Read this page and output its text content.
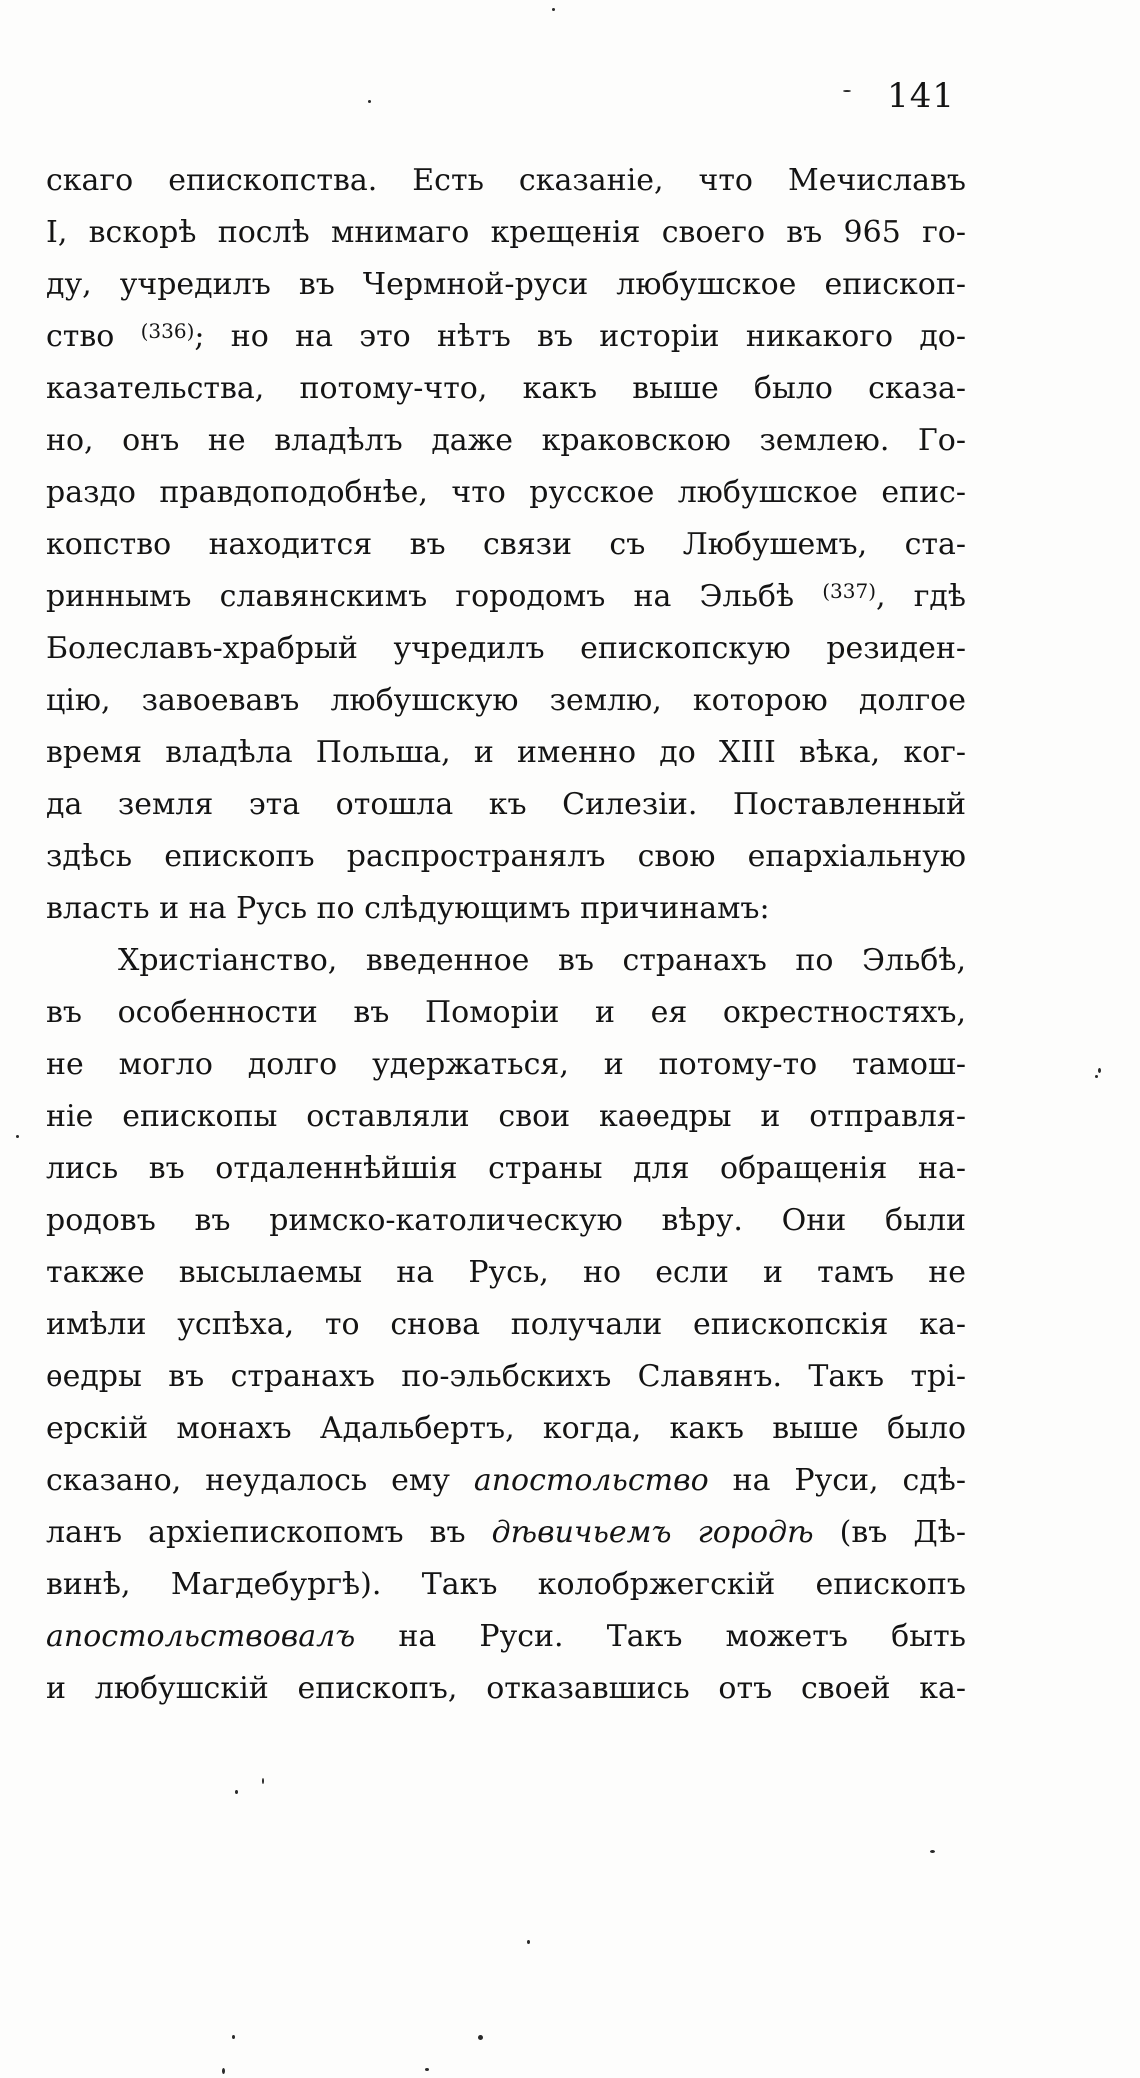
141
скаго епископства. Есть сказаніе, что Мечиславъ
I, вскорѣ послѣ мнимаго крещенія своего въ 965 го-
ду, учредилъ въ Чермной-руси любушское епископ-
ство $^{(336)}$; но на это нѣтъ въ исторіи никакого до-
казательства, потому-что, какъ выше было сказа-
но, онъ не владѣлъ даже краковскою землею. Го-
раздо правдоподобнѣе, что русское любушское епис-
копство находится въ связи съ Любушемъ, ста-
риннымъ славянскимъ городомъ на Эльбѣ $^{(337)}$, гдѣ
Болеславъ-храбрый учредилъ епископскую резиден-
цію, завоевавъ любушскую землю, которою долгое
время владѣла Польша, и именно до XIII вѣка, ког-
да земля эта отошла къ Силезіи. Поставленный
здѣсь епископъ распространялъ свою епархіальную
власть и на Русь по слѣдующимъ причинамъ:
Христіанство, введенное въ странахъ по Эльбѣ,
въ особенности въ Поморіи и ея окрестностяхъ,
не могло долго удержаться, и потому-то тамош-
ніе епископы оставляли свои каѳедры и отправля-
лись въ отдаленнѣйшія страны для обращенія на-
родовъ въ римско-католическую вѣру. Они были
также высылаемы на Русь, но если и тамъ не
имѣли успѣха, то снова получали епископскія ка-
ѳедры въ странахъ по-эльбскихъ Славянъ. Такъ трі-
ерскій монахъ Адальбертъ, когда, какъ выше было
сказано, неудалось ему апостольство на Руси, сдѣ-
ланъ архіепископомъ въ дѣвичьемъ городѣ (въ Дѣ-
винѣ, Магдебургѣ). Такъ колобржегскій епископъ
апостольствовалъ на Руси. Такъ можетъ быть
и любушскій епископъ, отказавшись отъ своей ка-
